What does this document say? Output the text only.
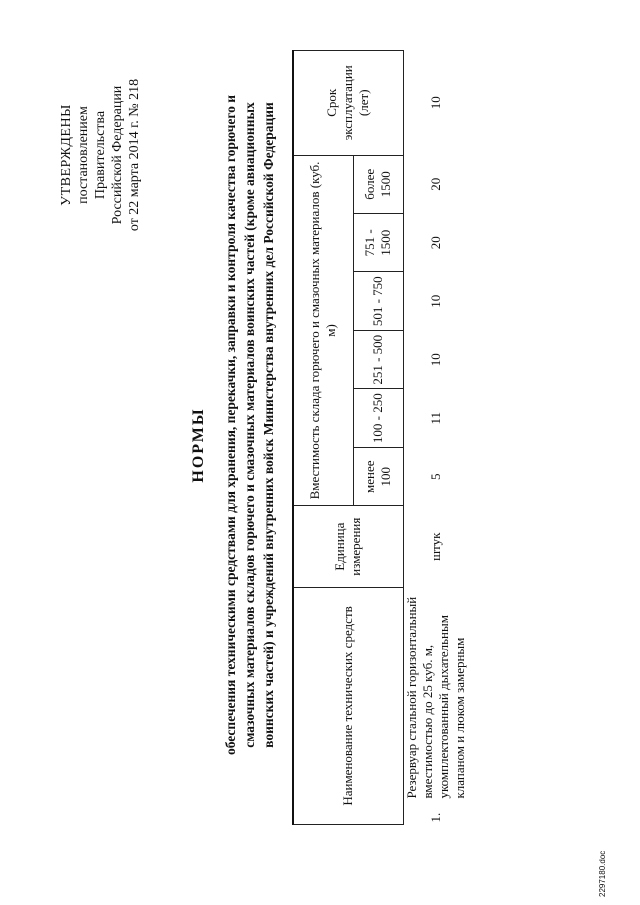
УТВЕРЖДЕНЫ постановлением Правительства Российской Федерации от 22 марта 2014 г. № 218
НОРМЫ обеспечения техническими средствами для хранения, перекачки, заправки и контроля качества горючего и смазочных материалов складов горючего и смазочных материалов воинских частей (кроме авиационных воинских частей) и учреждений внутренних войск Министерства внутренних дел Российской Федерации	Наименование технических средств		Единица измерения	Вместимость склада горючего и смазочных материалов (куб. м)						Срок эксплуатации (лет)
			менее 100	100 - 250	251 - 500	501 - 750	751 - 1500	более 1500	
1.	Резервуар стальной горизонтальный вместимостью до 25 куб. м, укомплектованный дыхательным клапаном и люком замерным	штук	5	11	10	10	20	20	10
2297180.doc
